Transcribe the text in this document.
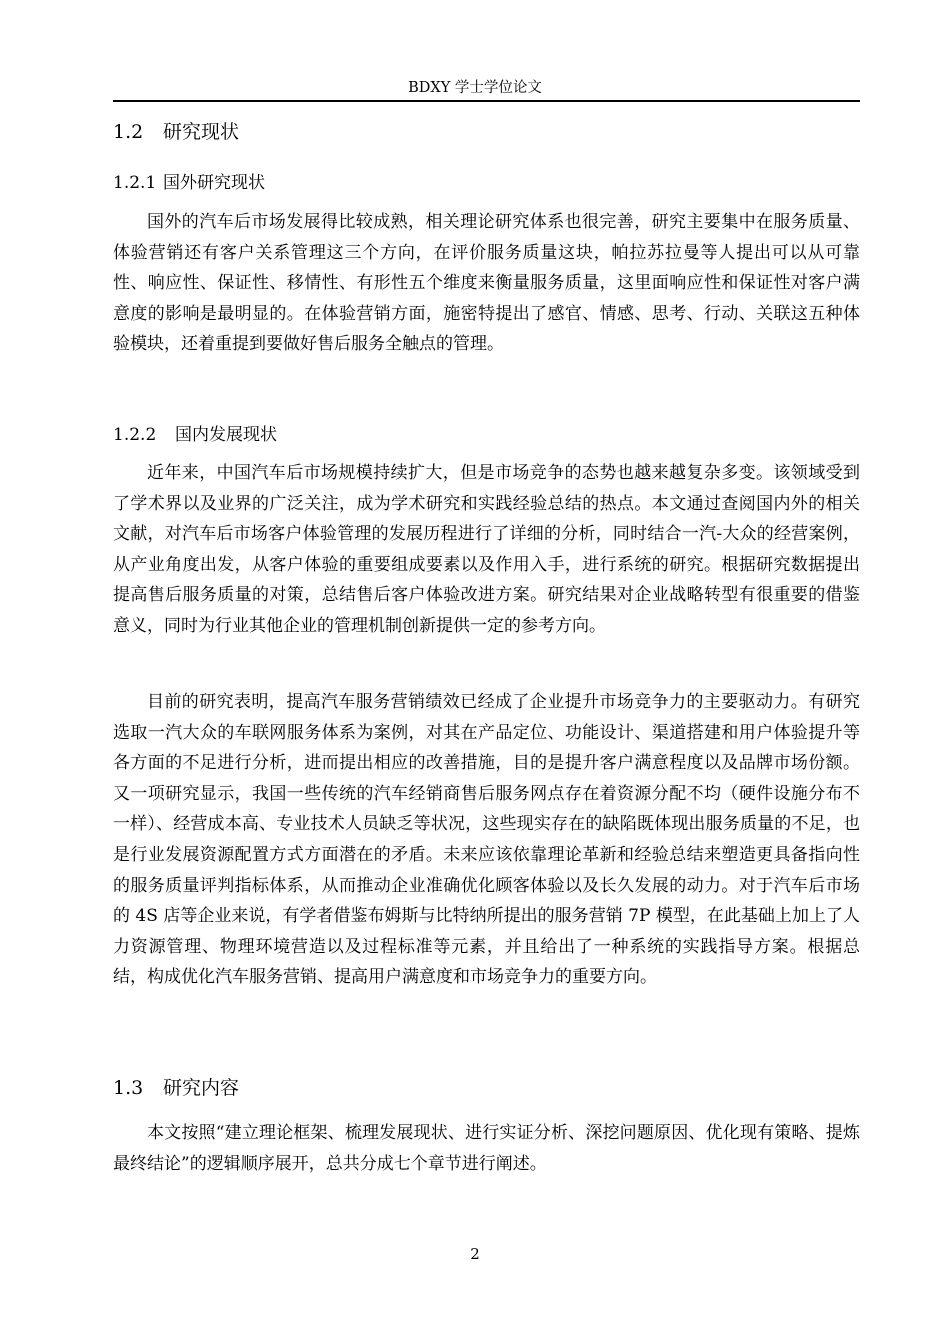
BDXY 学士学位论文
1.2 研究现状
1.2.1 国外研究现状

国外的汽车后市场发展得比较成熟，相关理论研究体系也很完善，研究主要集中在服务质量、体验营销还有客户关系管理这三个方向，在评价服务质量这块，帕拉苏拉曼等人提出可以从可靠性、响应性、保证性、移情性、有形性五个维度来衡量服务质量，这里面响应性和保证性对客户满意度的影响是最明显的。在体验营销方面，施密特提出了感官、情感、思考、行动、关联这五种体验模块，还着重提到要做好售后服务全触点的管理。

1.2.2 国内发展现状

近年来，中国汽车后市场规模持续扩大，但是市场竞争的态势也越来越复杂多变。该领域受到了学术界以及业界的广泛关注，成为学术研究和实践经验总结的热点。本文通过查阅国内外的相关文献，对汽车后市场客户体验管理的发展历程进行了详细的分析，同时结合一汽-大众的经营案例，从产业角度出发，从客户体验的重要组成要素以及作用入手，进行系统的研究。根据研究数据提出提高售后服务质量的对策，总结售后客户体验改进方案。研究结果对企业战略转型有很重要的借鉴意义，同时为行业其他企业的管理机制创新提供一定的参考方向。

目前的研究表明，提高汽车服务营销绩效已经成了企业提升市场竞争力的主要驱动力。有研究选取一汽大众的车联网服务体系为案例，对其在产品定位、功能设计、渠道搭建和用户体验提升等各方面的不足进行分析，进而提出相应的改善措施，目的是提升客户满意程度以及品牌市场份额。又一项研究显示，我国一些传统的汽车经销商售后服务网点存在着资源分配不均（硬件设施分布不一样）、经营成本高、专业技术人员缺乏等状况，这些现实存在的缺陷既体现出服务质量的不足，也是行业发展资源配置方式方面潜在的矛盾。未来应该依靠理论革新和经验总结来塑造更具备指向性的服务质量评判指标体系，从而推动企业准确优化顾客体验以及长久发展的动力。对于汽车后市场的 4S 店等企业来说，有学者借鉴布姆斯与比特纳所提出的服务营销 7P 模型，在此基础上加上了人力资源管理、物理环境营造以及过程标准等元素，并且给出了一种系统的实践指导方案。根据总结，构成优化汽车服务营销、提高用户满意度和市场竞争力的重要方向。

1.3 研究内容

本文按照“建立理论框架、梳理发展现状、进行实证分析、深挖问题原因、优化现有策略、提炼最终结论”的逻辑顺序展开，总共分成七个章节进行阐述。

2
